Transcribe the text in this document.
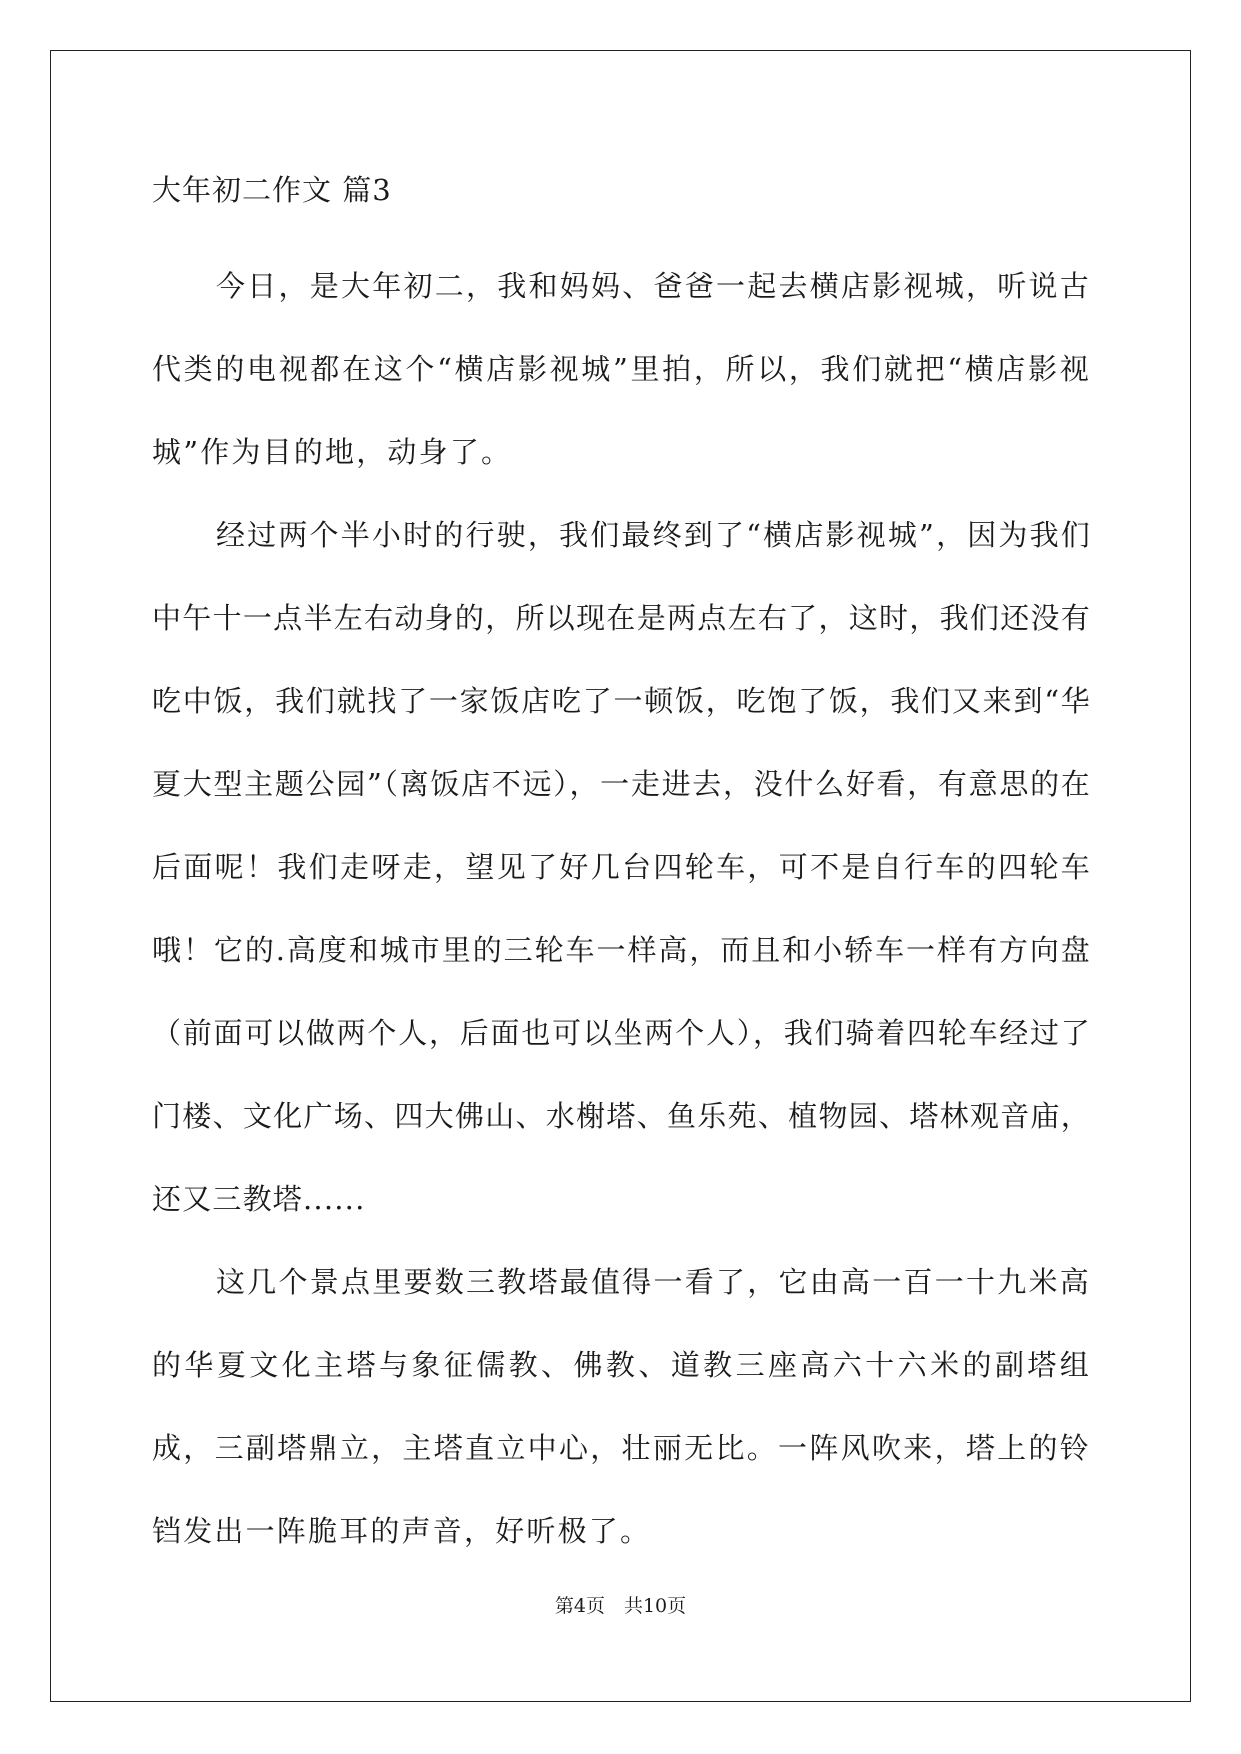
大年初二作文 篇3

今日，是大年初二，我和妈妈、爸爸一起去横店影视城，听说古代类的电视都在这个“横店影视城”里拍，所以，我们就把“横店影视城”作为目的地，动身了。

经过两个半小时的行驶，我们最终到了“横店影视城”，因为我们中午十一点半左右动身的，所以现在是两点左右了，这时，我们还没有吃中饭，我们就找了一家饭店吃了一顿饭，吃饱了饭，我们又来到“华夏大型主题公园”（离饭店不远），一走进去，没什么好看，有意思的在后面呢！我们走呀走，望见了好几台四轮车，可不是自行车的四轮车哦！它的.高度和城市里的三轮车一样高，而且和小轿车一样有方向盘（前面可以做两个人，后面也可以坐两个人），我们骑着四轮车经过了门楼、文化广场、四大佛山、水榭塔、鱼乐苑、植物园、塔林观音庙，还又三教塔......

这几个景点里要数三教塔最值得一看了，它由高一百一十九米高的华夏文化主塔与象征儒教、佛教、道教三座高六十六米的副塔组成，三副塔鼎立，主塔直立中心，壮丽无比。一阵风吹来，塔上的铃铛发出一阵脆耳的声音，好听极了。

第4页　共10页
